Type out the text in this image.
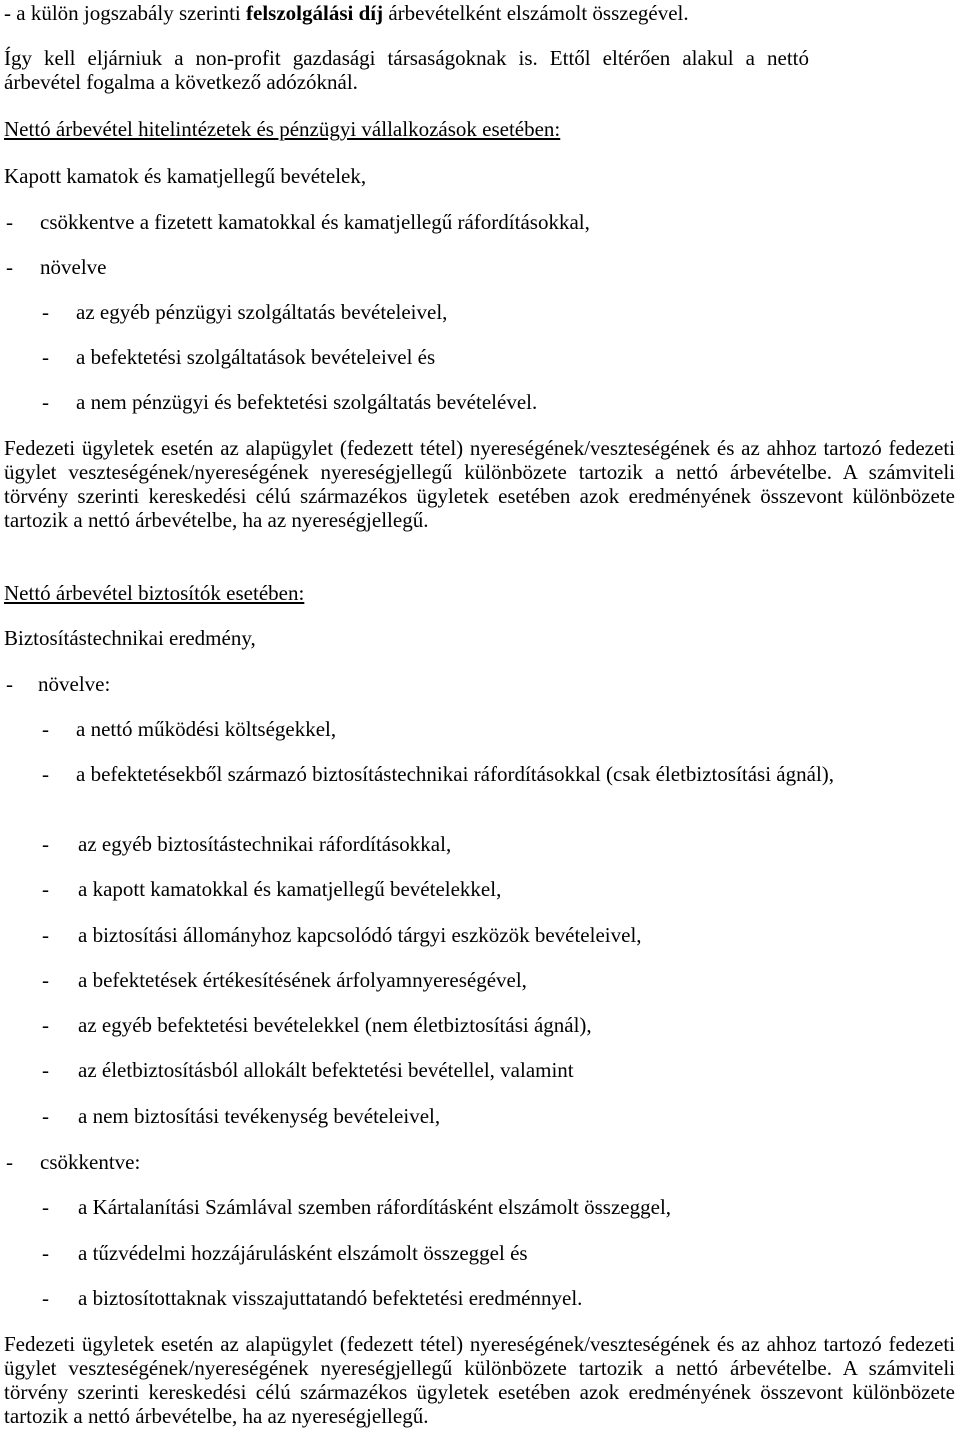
- a külön jogszabály szerinti felszolgálási díj árbevételként elszámolt összegével.
Így kell eljárniuk a non-profit gazdasági társaságoknak is. Ettől eltérően alakul a nettó árbevétel fogalma a következő adózóknál.
Nettó árbevétel hitelintézetek és pénzügyi vállalkozások esetében:
Kapott kamatok és kamatjellegű bevételek,
- csökkentve a fizetett kamatokkal és kamatjellegű ráfordításokkal,
- növelve
- az egyéb pénzügyi szolgáltatás bevételeivel,
- a befektetési szolgáltatások bevételeivel és
- a nem pénzügyi és befektetési szolgáltatás bevételével.
Fedezeti ügyletek esetén az alapügylet (fedezett tétel) nyereségének/veszteségének és az ahhoz tartozó fedezeti ügylet veszteségének/nyereségének nyereségjellegű különbözete tartozik a nettó árbevételbe. A számviteli törvény szerinti kereskedési célú származékos ügyletek esetében azok eredményének összevont különbözete tartozik a nettó árbevételbe, ha az nyereségjellegű.
Nettó árbevétel biztosítók esetében:
Biztosítástechnikai eredmény,
- növelve:
- a nettó működési költségekkel,
- a befektetésekből származó biztosítástechnikai ráfordításokkal (csak életbiztosítási ágnál),
- az egyéb biztosítástechnikai ráfordításokkal,
- a kapott kamatokkal és kamatjellegű bevételekkel,
- a biztosítási állományhoz kapcsolódó tárgyi eszközök bevételeivel,
- a befektetések értékesítésének árfolyamnyereségével,
- az egyéb befektetési bevételekkel (nem életbiztosítási ágnál),
- az életbiztosításból allokált befektetési bevétellel, valamint
- a nem biztosítási tevékenység bevételeivel,
- csökkentve:
- a Kártalanítási Számlával szemben ráfordításként elszámolt összeggel,
- a tűzvédelmi hozzájárulásként elszámolt összeggel és
- a biztosítottaknak visszajuttatandó befektetési eredménnyel.
Fedezeti ügyletek esetén az alapügylet (fedezett tétel) nyereségének/veszteségének és az ahhoz tartozó fedezeti ügylet veszteségének/nyereségének nyereségjellegű különbözete tartozik a nettó árbevételbe. A számviteli törvény szerinti kereskedési célú származékos ügyletek esetében azok eredményének összevont különbözete tartozik a nettó árbevételbe, ha az nyereségjellegű.
